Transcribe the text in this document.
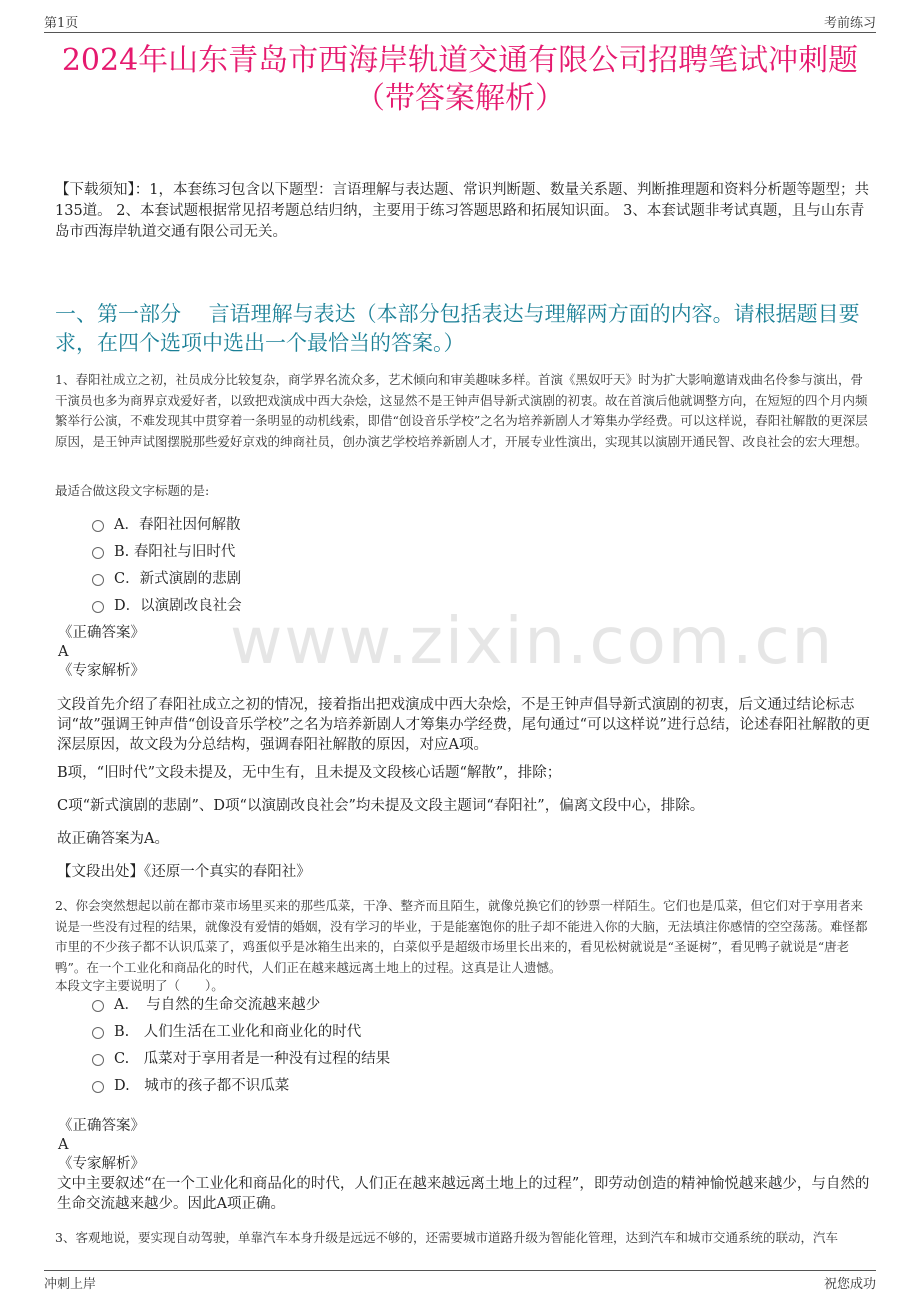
第1页	考前练习
2024年山东青岛市西海岸轨道交通有限公司招聘笔试冲刺题
（带答案解析）
【下载须知】：1，本套练习包含以下题型：言语理解与表达题、常识判断题、数量关系题、判断推理题和资料分析题等题型；共135道。 2、本套试题根据常见招考题总结归纳，主要用于练习答题思路和拓展知识面。 3、本套试题非考试真题，且与山东青岛市西海岸轨道交通有限公司无关。
一、第一部分　 言语理解与表达（本部分包括表达与理解两方面的内容。请根据题目要求，在四个选项中选出一个最恰当的答案。）
1、春阳社成立之初，社员成分比较复杂，商学界名流众多，艺术倾向和审美趣味多样。首演《黑奴吁天》时为扩大影响邀请戏曲名伶参与演出，骨干演员也多为商界京戏爱好者，以致把戏演成中西大杂烩，这显然不是王钟声倡导新式演剧的初衷。故在首演后他就调整方向，在短短的四个月内频繁举行公演，不难发现其中贯穿着一条明显的动机线索，即借“创设音乐学校”之名为培养新剧人才筹集办学经费。可以这样说，春阳社解散的更深层原因，是王钟声试图摆脱那些爱好京戏的绅商社员，创办演艺学校培养新剧人才，开展专业性演出，实现其以演剧开通民智、改良社会的宏大理想。
最适合做这段文字标题的是:
A．春阳社因何解散
B. 春阳社与旧时代
C．新式演剧的悲剧
D．以演剧改良社会
《正确答案》
A
《专家解析》
文段首先介绍了春阳社成立之初的情况，接着指出把戏演成中西大杂烩，不是王钟声倡导新式演剧的初衷，后文通过结论标志词“故”强调王钟声借“创设音乐学校”之名为培养新剧人才筹集办学经费，尾句通过“可以这样说”进行总结，论述春阳社解散的更深层原因，故文段为分总结构，强调春阳社解散的原因，对应A项。
B项，“旧时代”文段未提及，无中生有，且未提及文段核心话题“解散”，排除；
C项“新式演剧的悲剧”、D项“以演剧改良社会”均未提及文段主题词“春阳社”，偏离文段中心，排除。
故正确答案为A。
【文段出处】《还原一个真实的春阳社》
2、你会突然想起以前在都市菜市场里买来的那些瓜菜，干净、整齐而且陌生，就像兑换它们的钞票一样陌生。它们也是瓜菜，但它们对于享用者来说是一些没有过程的结果，就像没有爱情的婚姻，没有学习的毕业，于是能塞饱你的肚子却不能进入你的大脑，无法填注你感情的空空荡荡。难怪都市里的不少孩子都不认识瓜菜了，鸡蛋似乎是冰箱生出来的，白菜似乎是超级市场里长出来的，看见松树就说是“圣诞树”，看见鸭子就说是“唐老鸭”。在一个工业化和商品化的时代，人们正在越来越远离土地上的过程。这真是让人遗憾。
本段文字主要说明了（　　）。
A．　与自然的生命交流越来越少
B.　人们生活在工业化和商业化的时代
C.　瓜菜对于享用者是一种没有过程的结果
D.　城市的孩子都不识瓜菜
《正确答案》
A
《专家解析》
文中主要叙述“在一个工业化和商品化的时代，人们正在越来越远离土地上的过程”，即劳动创造的精神愉悦越来越少，与自然的生命交流越来越少。因此A项正确。
3、客观地说，要实现自动驾驶，单靠汽车本身升级是远远不够的，还需要城市道路升级为智能化管理，达到汽车和城市交通系统的联动，汽车
www.zixin.com.cn
冲刺上岸	祝您成功
